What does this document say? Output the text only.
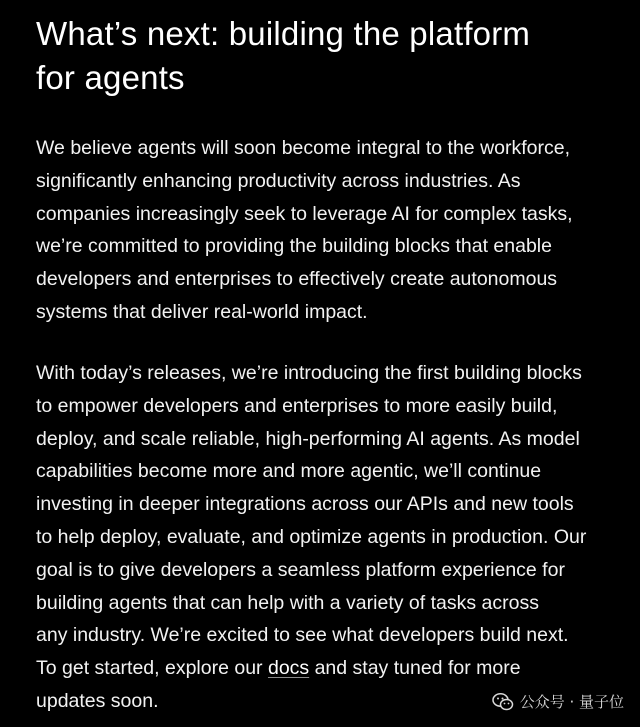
What’s next: building the platform
for agents

We believe agents will soon become integral to the workforce,
significantly enhancing productivity across industries. As
companies increasingly seek to leverage AI for complex tasks,
we’re committed to providing the building blocks that enable
developers and enterprises to effectively create autonomous
systems that deliver real-world impact.

With today’s releases, we’re introducing the first building blocks
to empower developers and enterprises to more easily build,
deploy, and scale reliable, high-performing AI agents. As model
capabilities become more and more agentic, we’ll continue
investing in deeper integrations across our APIs and new tools
to help deploy, evaluate, and optimize agents in production. Our
goal is to give developers a seamless platform experience for
building agents that can help with a variety of tasks across
any industry. We’re excited to see what developers build next.
To get started, explore our docs and stay tuned for more
updates soon.	公众号 · 量子位
